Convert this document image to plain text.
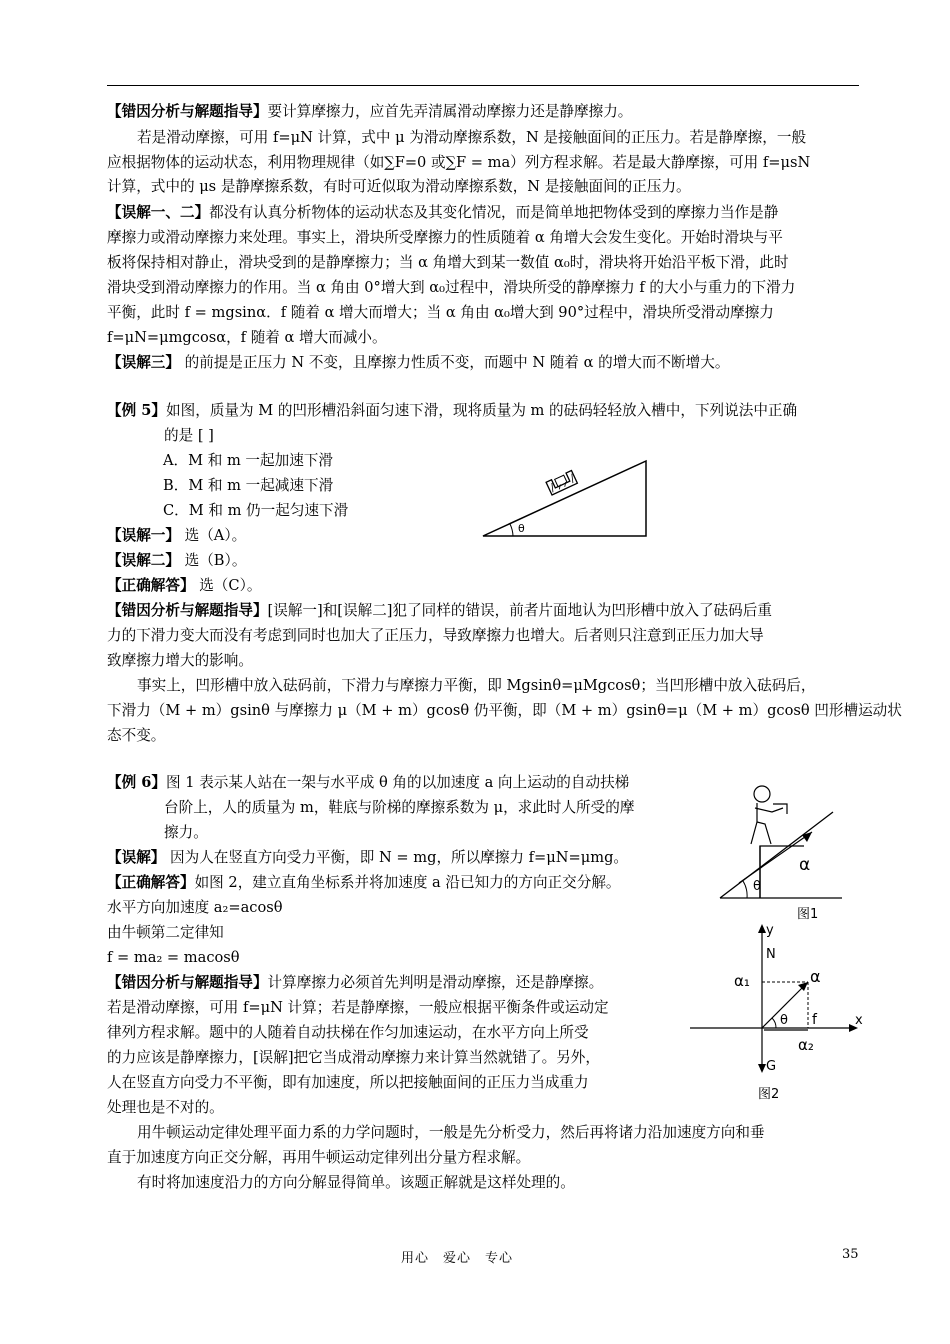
【错因分析与解题指导】要计算摩擦力，应首先弄清属滑动摩擦力还是静摩擦力。
若是滑动摩擦，可用 f=μN 计算，式中 μ 为滑动摩擦系数，N 是接触面间的正压力。若是静摩擦，一般
应根据物体的运动状态，利用物理规律（如∑F=0 或∑F = ma）列方程求解。若是最大静摩擦，可用 f=μsN
计算，式中的 μs 是静摩擦系数，有时可近似取为滑动摩擦系数，N 是接触面间的正压力。
【误解一、二】都没有认真分析物体的运动状态及其变化情况，而是简单地把物体受到的摩擦力当作是静
摩擦力或滑动摩擦力来处理。事实上，滑块所受摩擦力的性质随着 α 角增大会发生变化。开始时滑块与平
板将保持相对静止，滑块受到的是静摩擦力；当 α 角增大到某一数值 α₀时，滑块将开始沿平板下滑，此时
滑块受到滑动摩擦力的作用。当 α 角由 0°增大到 α₀过程中，滑块所受的静摩擦力 f 的大小与重力的下滑力
平衡，此时 f = mgsinα．f 随着 α 增大而增大；当 α 角由 α₀增大到 90°过程中，滑块所受滑动摩擦力
f=μN=μmgcosα，f 随着 α 增大而减小。
【误解三】 的前提是正压力 N 不变，且摩擦力性质不变，而题中 N 随着 α 的增大而不断增大。
【例 5】如图，质量为 M 的凹形槽沿斜面匀速下滑，现将质量为 m 的砝码轻轻放入槽中，下列说法中正确
的是 [ ]
A．M 和 m 一起加速下滑
B．M 和 m 一起减速下滑
C．M 和 m 仍一起匀速下滑
【误解一】 选（A）。
【误解二】 选（B）。
【正确解答】 选（C）。
【错因分析与解题指导】[误解一]和[误解二]犯了同样的错误，前者片面地认为凹形槽中放入了砝码后重
力的下滑力变大而没有考虑到同时也加大了正压力，导致摩擦力也增大。后者则只注意到正压力加大导
致摩擦力增大的影响。
事实上，凹形槽中放入砝码前，下滑力与摩擦力平衡，即 Mgsinθ=μMgcosθ；当凹形槽中放入砝码后，
下滑力（M + m）gsinθ 与摩擦力 μ（M + m）gcosθ 仍平衡，即（M + m）gsinθ=μ（M + m）gcosθ 凹形槽运动状
态不变。
【例 6】图 1 表示某人站在一架与水平成 θ 角的以加速度 a 向上运动的自动扶梯
台阶上，人的质量为 m，鞋底与阶梯的摩擦系数为 μ，求此时人所受的摩
擦力。
【误解】 因为人在竖直方向受力平衡，即 N = mg，所以摩擦力 f=μN=μmg。
【正确解答】如图 2，建立直角坐标系并将加速度 a 沿已知力的方向正交分解。
水平方向加速度 a₂=acosθ
由牛顿第二定律知
f = ma₂ = macosθ
【错因分析与解题指导】计算摩擦力必须首先判明是滑动摩擦，还是静摩擦。
若是滑动摩擦，可用 f=μN 计算；若是静摩擦，一般应根据平衡条件或运动定
律列方程求解。题中的人随着自动扶梯在作匀加速运动，在水平方向上所受
的力应该是静摩擦力，[误解]把它当成滑动摩擦力来计算当然就错了。另外，
人在竖直方向受力不平衡，即有加速度，所以把接触面间的正压力当成重力
处理也是不对的。
用牛顿运动定律处理平面力系的力学问题时，一般是先分析受力，然后再将诸力沿加速度方向和垂
直于加速度方向正交分解，再用牛顿运动定律列出分量方程求解。
有时将加速度沿力的方向分解显得简单。该题正解就是这样处理的。
θ
α
θ
图1
y
N
x
α
α₁
α₂
θ f
G
图2
用心　爱心　专心	35
